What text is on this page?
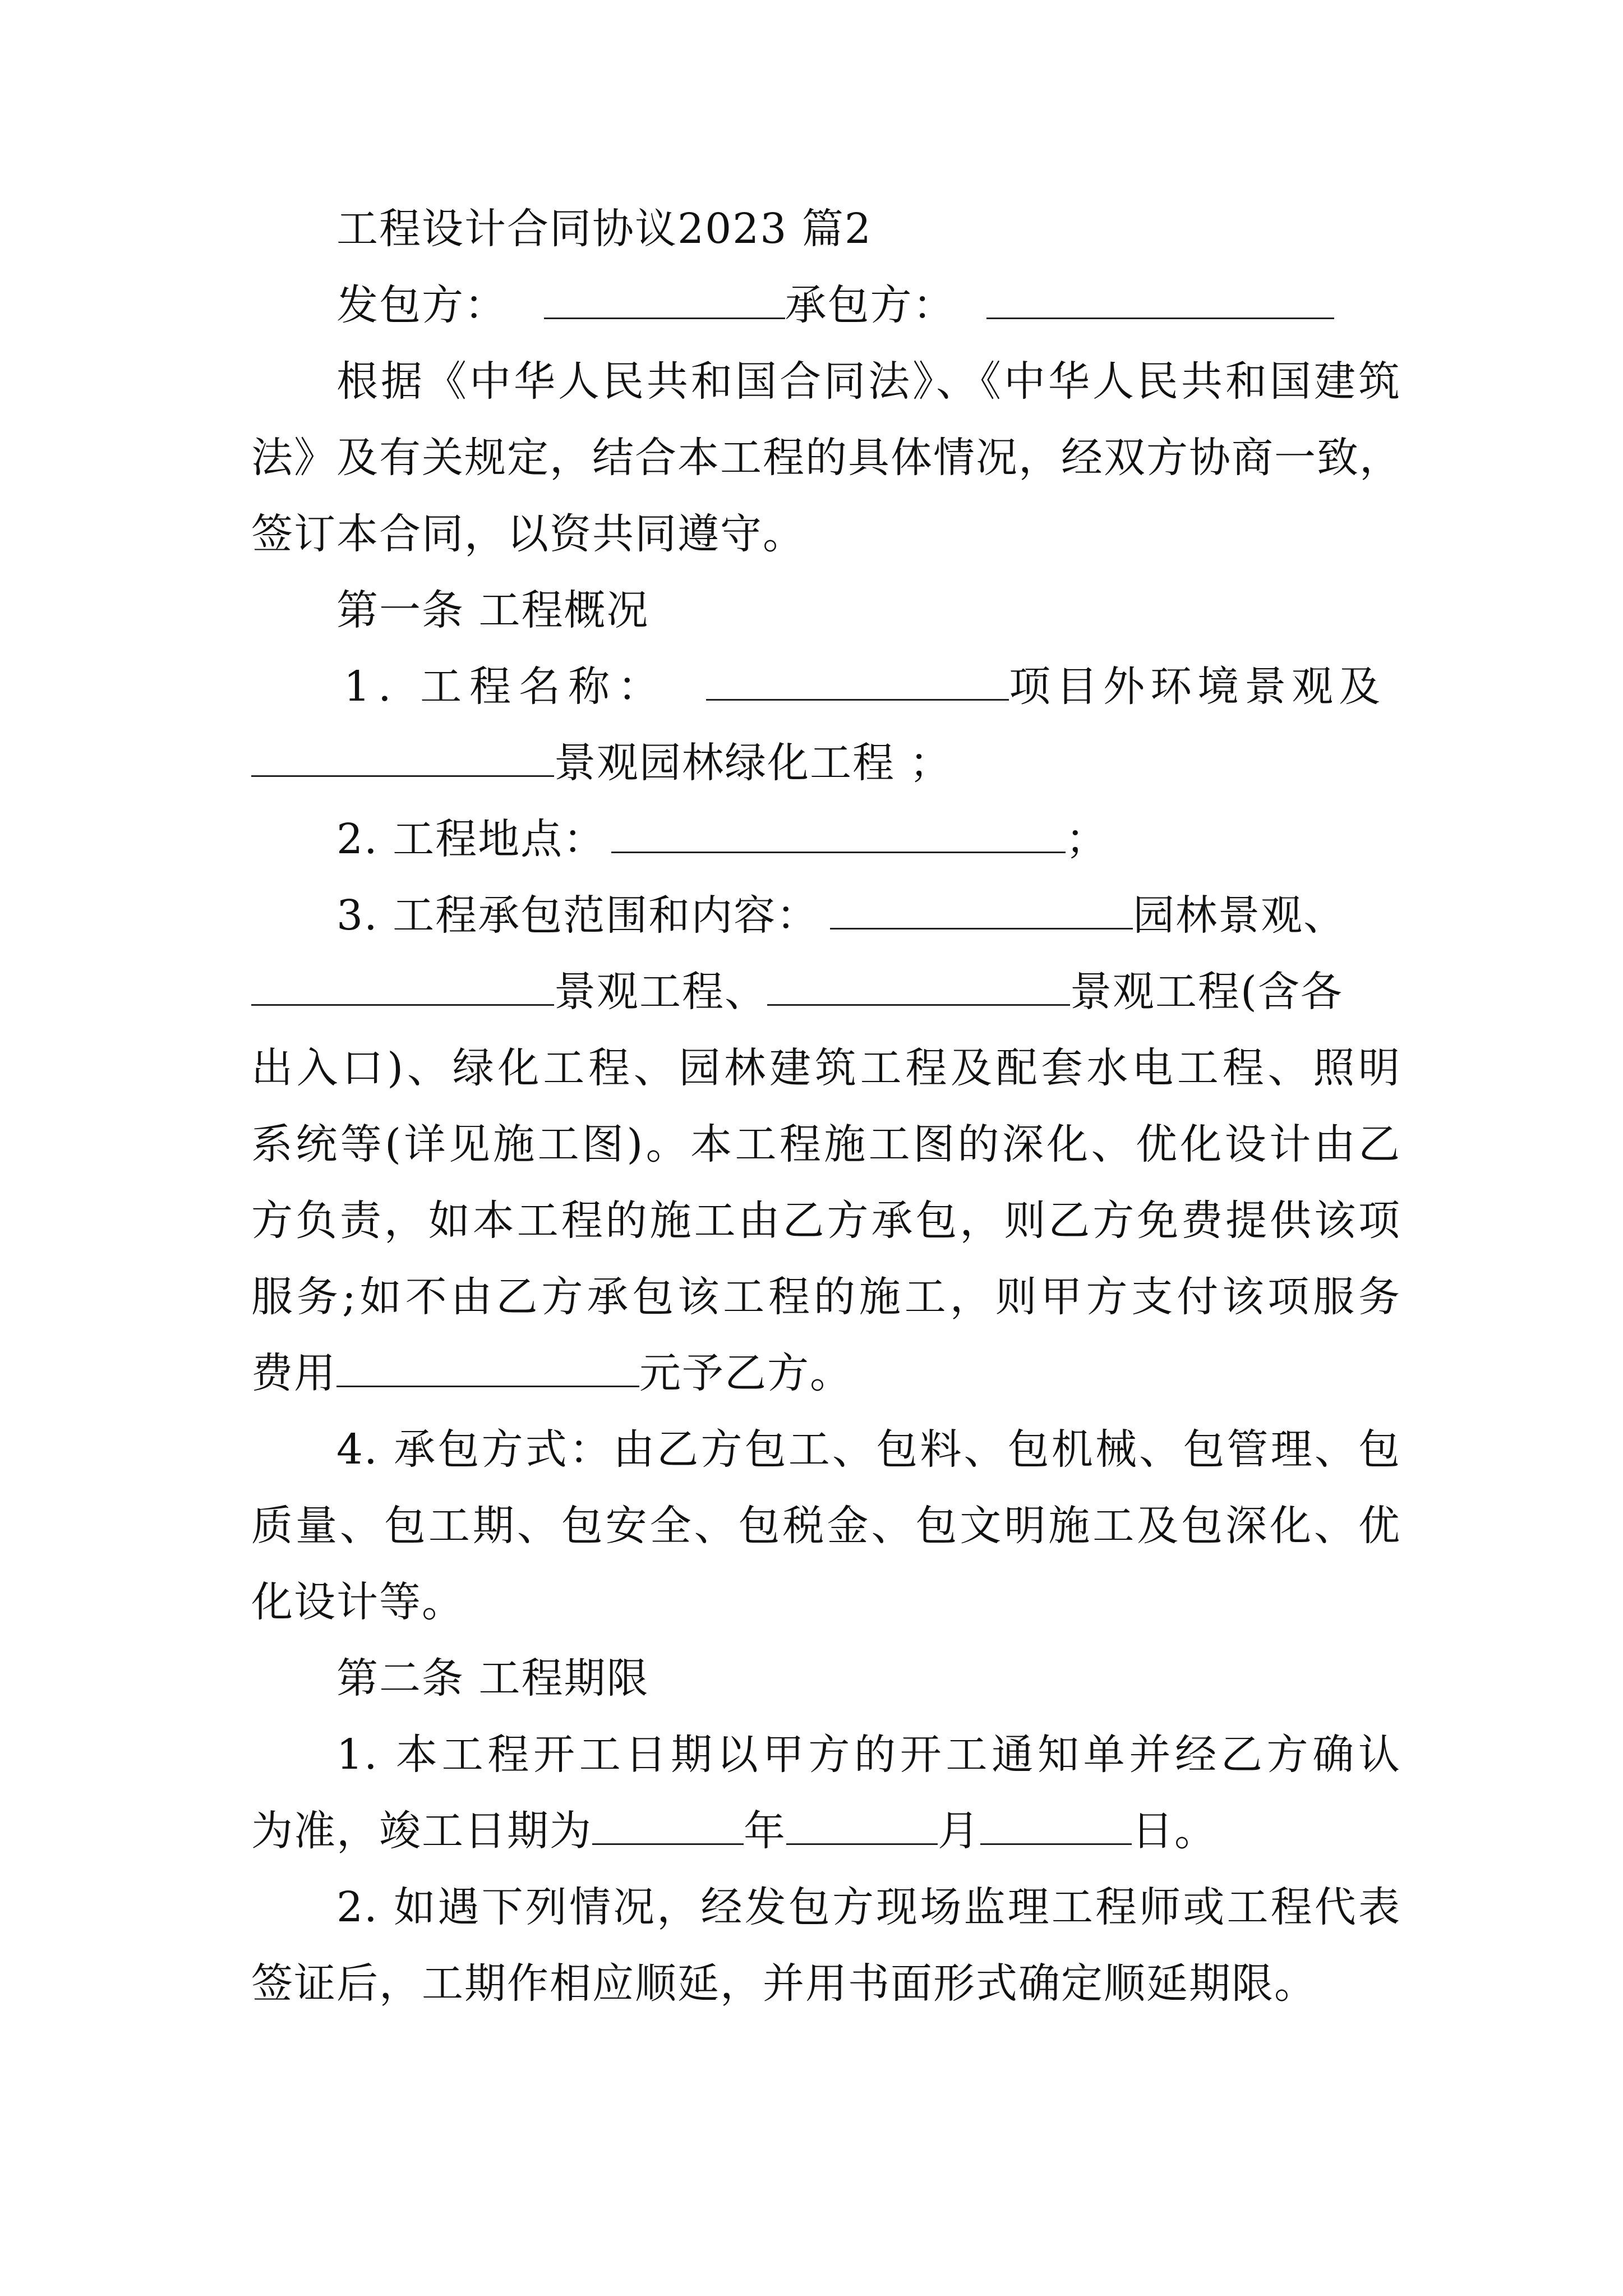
工程设计合同协议2023 篇2
发包方：	承包方：
根据《中华人民共和国合同法》、《中华人民共和国建筑
法》及有关规定，结合本工程的具体情况，经双方协商一致，
签订本合同，以资共同遵守。
第一条 工程概况
1. 工程名称：	项目外环境景观及
景观园林绿化工程 ；
2. 工程地点：	；
3. 工程承包范围和内容：	园林景观、
景观工程、	景观工程(含各
出入口)、绿化工程、园林建筑工程及配套水电工程、照明
系统等(详见施工图)。本工程施工图的深化、优化设计由乙
方负责，如本工程的施工由乙方承包，则乙方免费提供该项
服务;如不由乙方承包该工程的施工，则甲方支付该项服务
费用	元予乙方。
4. 承包方式：由乙方包工、包料、包机械、包管理、包
质量、包工期、包安全、包税金、包文明施工及包深化、优
化设计等。
第二条 工程期限
1. 本工程开工日期以甲方的开工通知单并经乙方确认
为准，竣工日期为	年	月	日。
2. 如遇下列情况，经发包方现场监理工程师或工程代表
签证后，工期作相应顺延，并用书面形式确定顺延期限。
